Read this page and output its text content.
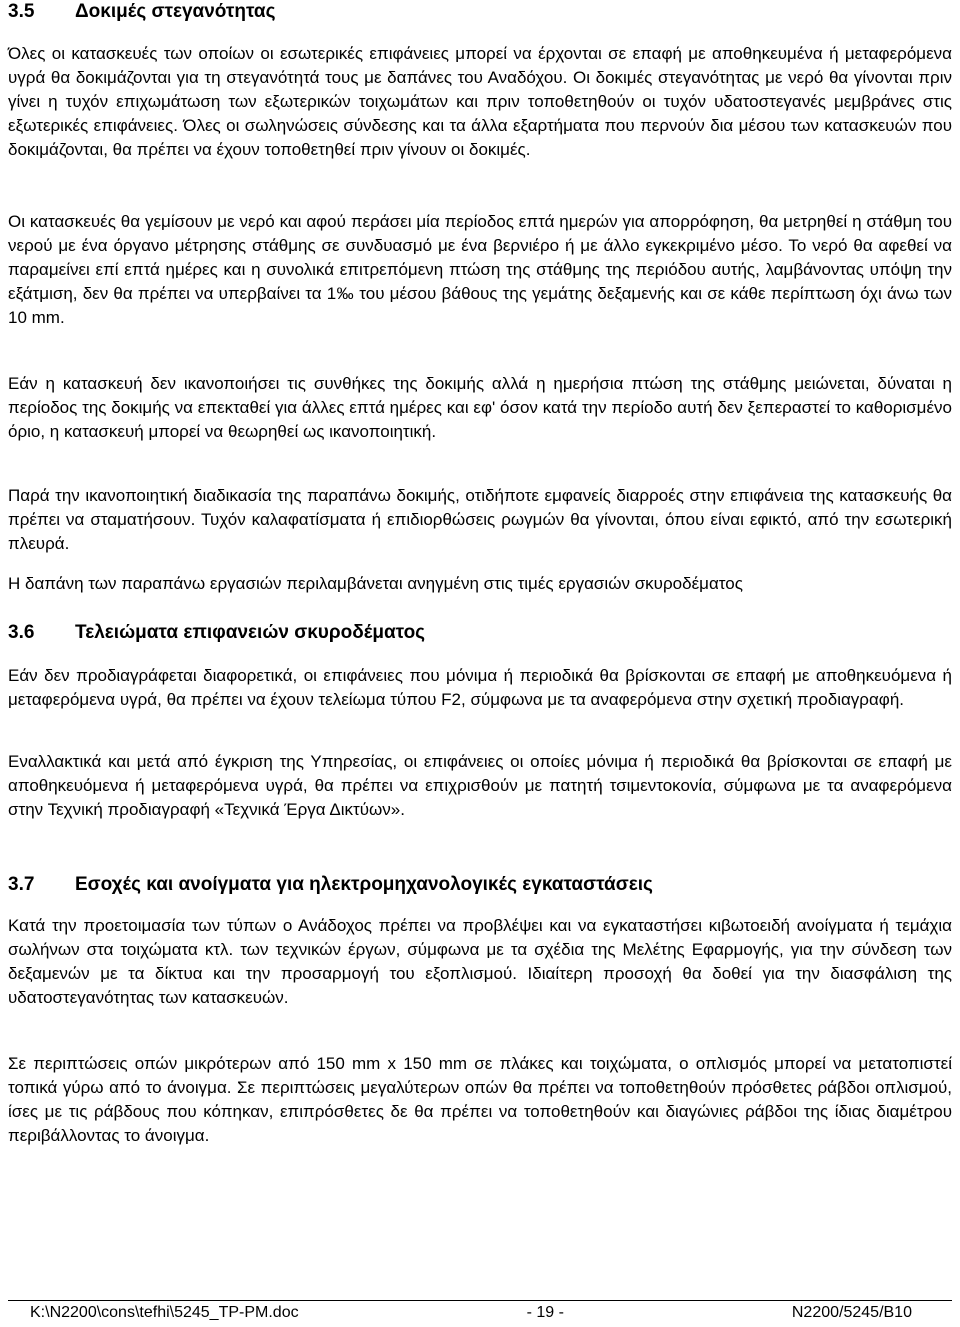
3.5	Δοκιμές στεγανότητας

Όλες οι κατασκευές των οποίων οι εσωτερικές επιφάνειες μπορεί να έρχονται σε επαφή με αποθηκευμένα ή μεταφερόμενα υγρά θα δοκιμάζονται για τη στεγανότητά τους με δαπάνες του Αναδόχου. Οι δοκιμές στεγανότητας με νερό θα γίνονται πριν γίνει η τυχόν επιχωμάτωση των εξωτερικών τοιχωμάτων και πριν τοποθετηθούν οι τυχόν υδατοστεγανές μεμβράνες στις εξωτερικές επιφάνειες. Όλες οι σωληνώσεις σύνδεσης και τα άλλα εξαρτήματα που περνούν δια μέσου των κατασκευών που δοκιμάζονται, θα πρέπει να έχουν τοποθετηθεί πριν γίνουν οι δοκιμές.

Οι κατασκευές θα γεμίσουν με νερό και αφού περάσει μία περίοδος επτά ημερών για απορρόφηση, θα μετρηθεί η στάθμη του νερού με ένα όργανο μέτρησης στάθμης σε συνδυασμό με ένα βερνιέρο ή με άλλο εγκεκριμένο μέσο. Το νερό θα αφεθεί να παραμείνει επί επτά ημέρες και η συνολικά επιτρεπόμενη πτώση της στάθμης της περιόδου αυτής, λαμβάνοντας υπόψη την εξάτμιση, δεν θα πρέπει να υπερβαίνει τα 1‰ του μέσου βάθους της γεμάτης δεξαμενής και σε κάθε περίπτωση όχι άνω των 10 mm.

Εάν η κατασκευή δεν ικανοποιήσει τις συνθήκες της δοκιμής αλλά η ημερήσια πτώση της στάθμης μειώνεται, δύναται η περίοδος της δοκιμής να επεκταθεί για άλλες επτά ημέρες και εφ' όσον κατά την περίοδο αυτή δεν ξεπεραστεί το καθορισμένο όριο, η κατασκευή μπορεί να θεωρηθεί ως ικανοποιητική.

Παρά την ικανοποιητική διαδικασία της παραπάνω δοκιμής, οτιδήποτε εμφανείς διαρροές στην επιφάνεια της κατασκευής θα πρέπει να σταματήσουν. Τυχόν καλαφατίσματα ή επιδιορθώσεις ρωγμών θα γίνονται, όπου είναι εφικτό, από την εσωτερική πλευρά.

Η δαπάνη των παραπάνω εργασιών περιλαμβάνεται ανηγμένη στις τιμές εργασιών σκυροδέματος

3.6	Τελειώματα επιφανειών σκυροδέματος

Εάν δεν προδιαγράφεται διαφορετικά, οι επιφάνειες που μόνιμα ή περιοδικά θα βρίσκονται σε επαφή με αποθηκευόμενα ή μεταφερόμενα υγρά, θα πρέπει να έχουν τελείωμα τύπου F2, σύμφωνα με τα αναφερόμενα στην σχετική προδιαγραφή.

Εναλλακτικά και μετά από έγκριση της Υπηρεσίας, οι επιφάνειες οι οποίες μόνιμα ή περιοδικά θα βρίσκονται σε επαφή με αποθηκευόμενα ή μεταφερόμενα υγρά, θα πρέπει να επιχρισθούν με πατητή τσιμεντοκονία, σύμφωνα με τα αναφερόμενα στην Τεχνική προδιαγραφή «Τεχνικά Έργα Δικτύων».

3.7	Εσοχές και ανοίγματα για ηλεκτρομηχανολογικές εγκαταστάσεις

Κατά την προετοιμασία των τύπων ο Ανάδοχος πρέπει να προβλέψει και να εγκαταστήσει κιβωτοειδή ανοίγματα ή τεμάχια σωλήνων στα τοιχώματα κτλ. των τεχνικών έργων, σύμφωνα με τα σχέδια της Μελέτης Εφαρμογής, για την σύνδεση των δεξαμενών με τα δίκτυα και την προσαρμογή του εξοπλισμού. Ιδιαίτερη προσοχή θα δοθεί για την διασφάλιση της υδατοστεγανότητας των κατασκευών.

Σε περιπτώσεις οπών μικρότερων από 150 mm x 150 mm σε πλάκες και τοιχώματα, ο οπλισμός μπορεί να μετατοπιστεί τοπικά γύρω από το άνοιγμα. Σε περιπτώσεις μεγαλύτερων οπών θα πρέπει να τοποθετηθούν πρόσθετες ράβδοι οπλισμού, ίσες με τις ράβδους που κόπηκαν, επιπρόσθετες δε θα πρέπει να τοποθετηθούν και διαγώνιες ράβδοι της ίδιας διαμέτρου περιβάλλοντας το άνοιγμα.

K:\N2200\cons\tefhi\5245_TP-PM.doc	- 19 -	N2200/5245/B10
